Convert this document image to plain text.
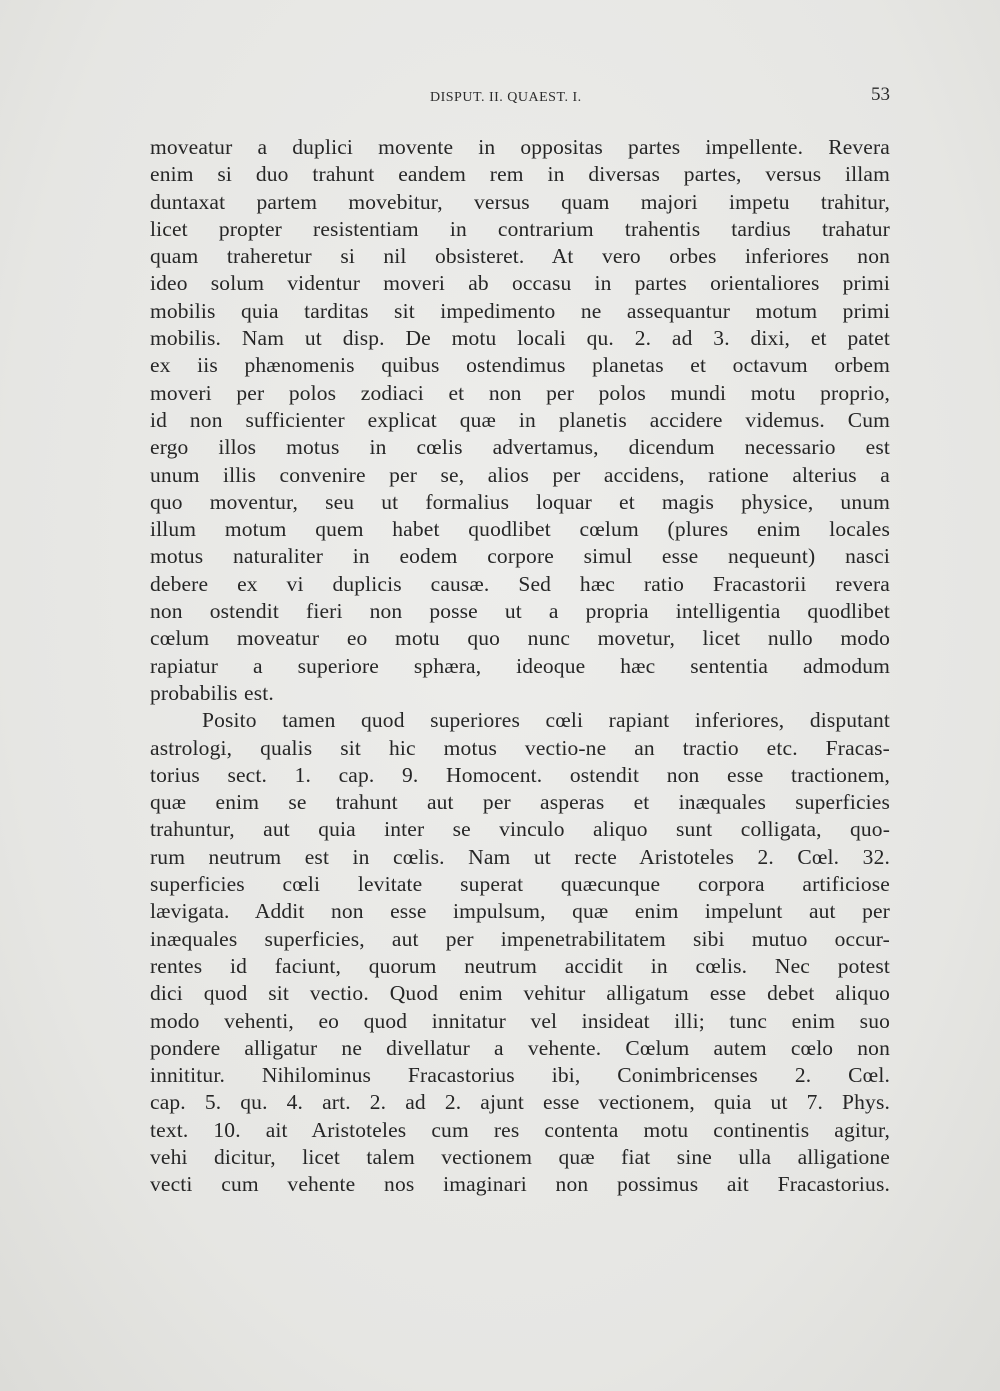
DISPUT. II. QUAEST. I.	53
moveatur a duplici movente in oppositas partes impellente. Revera
enim si duo trahunt eandem rem in diversas partes, versus illam
duntaxat partem movebitur, versus quam majori impetu trahitur,
licet propter resistentiam in contrarium trahentis tardius trahatur
quam traheretur si nil obsisteret. At vero orbes inferiores non
ideo solum videntur moveri ab occasu in partes orientaliores primi
mobilis quia tarditas sit impedimento ne assequantur motum primi
mobilis. Nam ut disp. De motu locali qu. 2. ad 3. dixi, et patet
ex iis phænomenis quibus ostendimus planetas et octavum orbem
moveri per polos zodiaci et non per polos mundi motu proprio,
id non sufficienter explicat quæ in planetis accidere videmus. Cum
ergo illos motus in cœlis advertamus, dicendum necessario est
unum illis convenire per se, alios per accidens, ratione alterius a
quo moventur, seu ut formalius loquar et magis physice, unum
illum motum quem habet quodlibet cœlum (plures enim locales
motus naturaliter in eodem corpore simul esse nequeunt) nasci
debere ex vi duplicis causæ. Sed hæc ratio Fracastorii revera
non ostendit fieri non posse ut a propria intelligentia quodlibet
cœlum moveatur eo motu quo nunc movetur, licet nullo modo
rapiatur a superiore sphæra, ideoque hæc sententia admodum
probabilis est.
Posito tamen quod superiores cœli rapiant inferiores, disputant
astrologi, qualis sit hic motus vectio-ne an tractio etc. Fracas-
torius sect. 1. cap. 9. Homocent. ostendit non esse tractionem,
quæ enim se trahunt aut per asperas et inæquales superficies
trahuntur, aut quia inter se vinculo aliquo sunt colligata, quo-
rum neutrum est in cœlis. Nam ut recte Aristoteles 2. Cœl. 32.
superficies cœli levitate superat quæcunque corpora artificiose
lævigata. Addit non esse impulsum, quæ enim impelunt aut per
inæquales superficies, aut per impenetrabilitatem sibi mutuo occur-
rentes id faciunt, quorum neutrum accidit in cœlis. Nec potest
dici quod sit vectio. Quod enim vehitur alligatum esse debet aliquo
modo vehenti, eo quod innitatur vel insideat illi; tunc enim suo
pondere alligatur ne divellatur a vehente. Cœlum autem cœlo non
innititur. Nihilominus Fracastorius ibi, Conimbricenses 2. Cœl.
cap. 5. qu. 4. art. 2. ad 2. ajunt esse vectionem, quia ut 7. Phys.
text. 10. ait Aristoteles cum res contenta motu continentis agitur,
vehi dicitur, licet talem vectionem quæ fiat sine ulla alligatione
vecti cum vehente nos imaginari non possimus ait Fracastorius.
